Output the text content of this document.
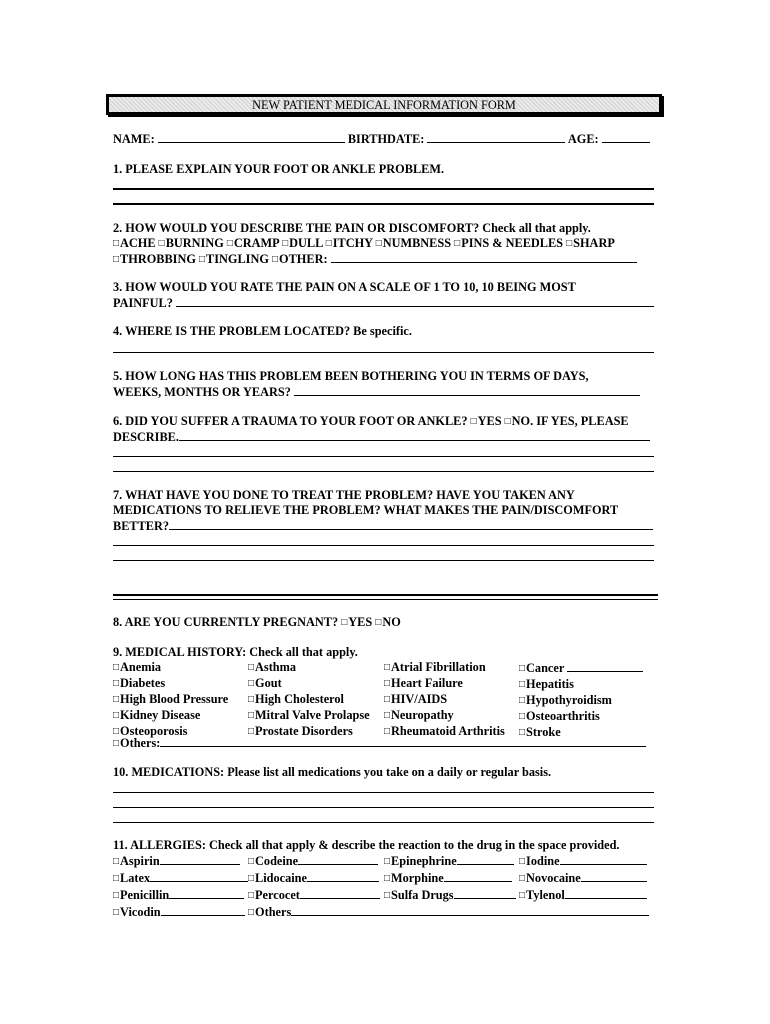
NEW PATIENT MEDICAL INFORMATION FORM
NAME:	BIRTHDATE:	AGE:
1. PLEASE EXPLAIN YOUR FOOT OR ANKLE PROBLEM.
2. HOW WOULD YOU DESCRIBE THE PAIN OR DISCOMFORT? Check all that apply.
□ACHE □BURNING □CRAMP □DULL □ITCHY □NUMBNESS □PINS & NEEDLES □SHARP
□THROBBING □TINGLING □OTHER:
3. HOW WOULD YOU RATE THE PAIN ON A SCALE OF 1 TO 10, 10 BEING MOST
PAINFUL?
4. WHERE IS THE PROBLEM LOCATED? Be specific.
5. HOW LONG HAS THIS PROBLEM BEEN BOTHERING YOU IN TERMS OF DAYS,
WEEKS, MONTHS OR YEARS?
6. DID YOU SUFFER A TRAUMA TO YOUR FOOT OR ANKLE? □YES □NO. IF YES, PLEASE
DESCRIBE.
7. WHAT HAVE YOU DONE TO TREAT THE PROBLEM? HAVE YOU TAKEN ANY
MEDICATIONS TO RELIEVE THE PROBLEM? WHAT MAKES THE PAIN/DISCOMFORT
BETTER?
8. ARE YOU CURRENTLY PREGNANT? □YES □NO
9. MEDICAL HISTORY: Check all that apply.
□Anemia
□Diabetes
□High Blood Pressure
□Kidney Disease
□Osteoporosis
□Asthma
□Gout
□High Cholesterol
□Mitral Valve Prolapse
□Prostate Disorders
□Atrial Fibrillation
□Heart Failure
□HIV/AIDS
□Neuropathy
□Rheumatoid Arthritis
□Cancer
□Hepatitis
□Hypothyroidism
□Osteoarthritis
□Stroke
□Others:
10. MEDICATIONS: Please list all medications you take on a daily or regular basis.
11. ALLERGIES: Check all that apply & describe the reaction to the drug in the space provided.
□Aspirin
□Latex
□Penicillin
□Vicodin
□Codeine
□Lidocaine
□Percocet
□Others
□Epinephrine
□Morphine
□Sulfa Drugs
□Iodine
□Novocaine
□Tylenol
